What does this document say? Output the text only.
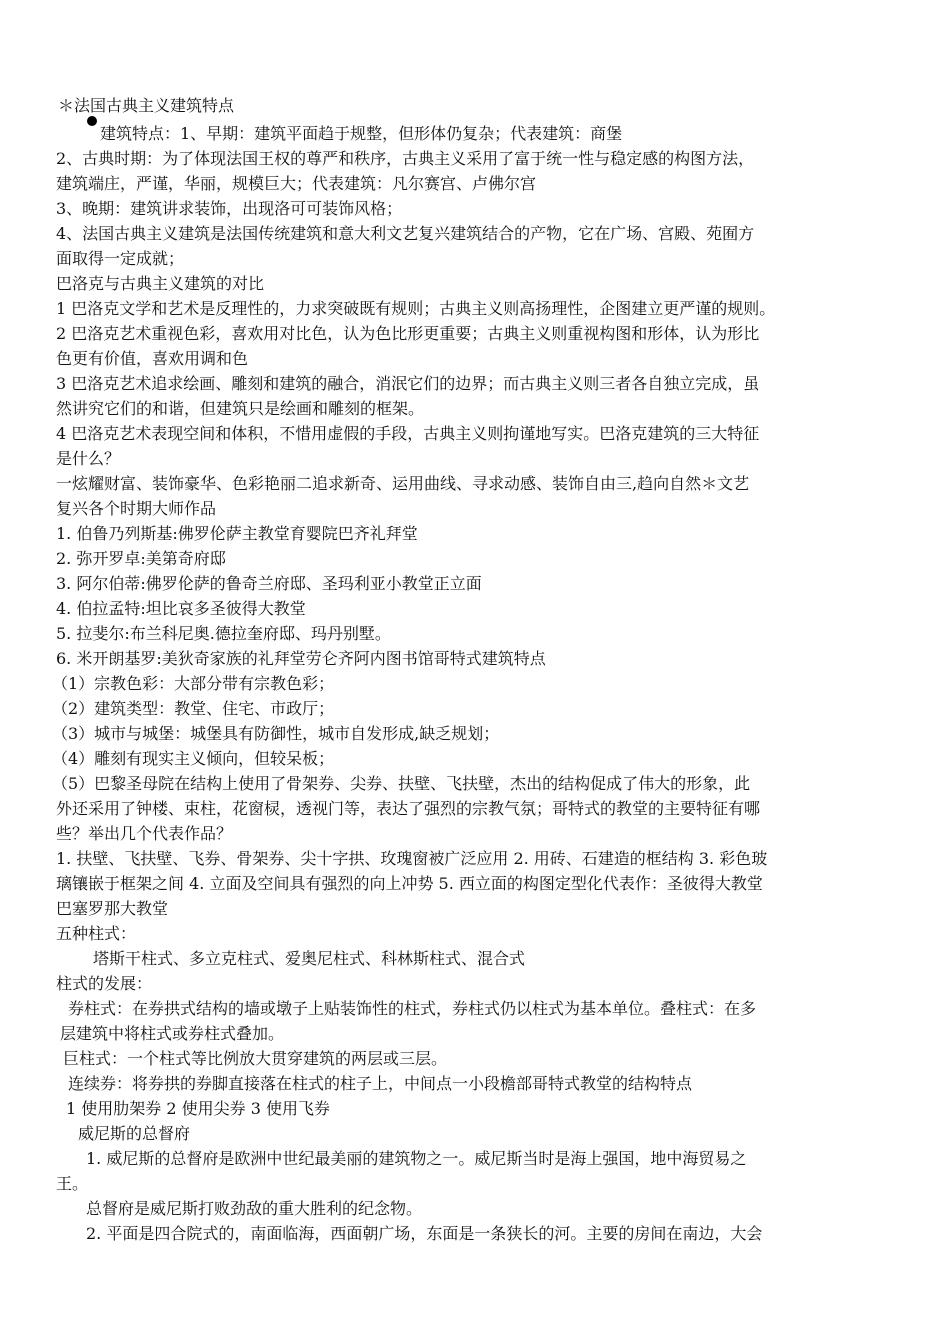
＊法国古典主义建筑特点
建筑特点：1、早期：建筑平面趋于规整，但形体仍复杂；代表建筑：商堡
2、古典时期：为了体现法国王权的尊严和秩序，古典主义采用了富于统一性与稳定感的构图方法，
建筑端庄，严谨，华丽，规模巨大；代表建筑：凡尔赛宫、卢佛尔宫
3、晚期：建筑讲求装饰，出现洛可可装饰风格；
4、法国古典主义建筑是法国传统建筑和意大利文艺复兴建筑结合的产物，它在广场、宫殿、苑囿方
面取得一定成就；
巴洛克与古典主义建筑的对比
1 巴洛克文学和艺术是反理性的，力求突破既有规则；古典主义则高扬理性，企图建立更严谨的规则。
2 巴洛克艺术重视色彩，喜欢用对比色，认为色比形更重要；古典主义则重视构图和形体，认为形比
色更有价值，喜欢用调和色
3 巴洛克艺术追求绘画、雕刻和建筑的融合，消泯它们的边界；而古典主义则三者各自独立完成，虽
然讲究它们的和谐，但建筑只是绘画和雕刻的框架。
4 巴洛克艺术表现空间和体积，不惜用虚假的手段，古典主义则拘谨地写实。巴洛克建筑的三大特征
是什么？
一炫耀财富、装饰豪华、色彩艳丽二追求新奇、运用曲线、寻求动感、装饰自由三,趋向自然＊文艺
复兴各个时期大师作品
1. 伯鲁乃列斯基:佛罗伦萨主教堂育婴院巴齐礼拜堂
2. 弥开罗卓:美第奇府邸
3. 阿尔伯蒂:佛罗伦萨的鲁奇兰府邸、圣玛利亚小教堂正立面
4. 伯拉孟特:坦比哀多圣彼得大教堂
5. 拉斐尔:布兰科尼奥.德拉奎府邸、玛丹别墅。
6. 米开朗基罗:美狄奇家族的礼拜堂劳仑齐阿内图书馆哥特式建筑特点
（1）宗教色彩：大部分带有宗教色彩；
（2）建筑类型：教堂、住宅、市政厅；
（3）城市与城堡：城堡具有防御性，城市自发形成,缺乏规划；
（4）雕刻有现实主义倾向，但较呆板；
（5）巴黎圣母院在结构上使用了骨架券、尖券、扶壁、飞扶壁，杰出的结构促成了伟大的形象，此
外还采用了钟楼、束柱，花窗棂，透视门等，表达了强烈的宗教气氛；哥特式的教堂的主要特征有哪
些？举出几个代表作品？
1. 扶壁、飞扶壁、飞券、骨架券、尖十字拱、玫瑰窗被广泛应用 2. 用砖、石建造的框结构 3. 彩色玻
璃镶嵌于框架之间 4. 立面及空间具有强烈的向上冲势 5. 西立面的构图定型化代表作：圣彼得大教堂
巴塞罗那大教堂
五种柱式：
塔斯干柱式、多立克柱式、爱奥尼柱式、科林斯柱式、混合式
柱式的发展：
券柱式：在券拱式结构的墙或墩子上贴装饰性的柱式，券柱式仍以柱式为基本单位。叠柱式：在多
层建筑中将柱式或券柱式叠加。
巨柱式：一个柱式等比例放大贯穿建筑的两层或三层。
连续券：将券拱的券脚直接落在柱式的柱子上，中间点一小段檐部哥特式教堂的结构特点
1 使用肋架券 2 使用尖券 3 使用飞券
威尼斯的总督府
1. 威尼斯的总督府是欧洲中世纪最美丽的建筑物之一。威尼斯当时是海上强国，地中海贸易之
王。
总督府是威尼斯打败劲敌的重大胜利的纪念物。
2. 平面是四合院式的，南面临海，西面朝广场，东面是一条狭长的河。主要的房间在南边，大会
